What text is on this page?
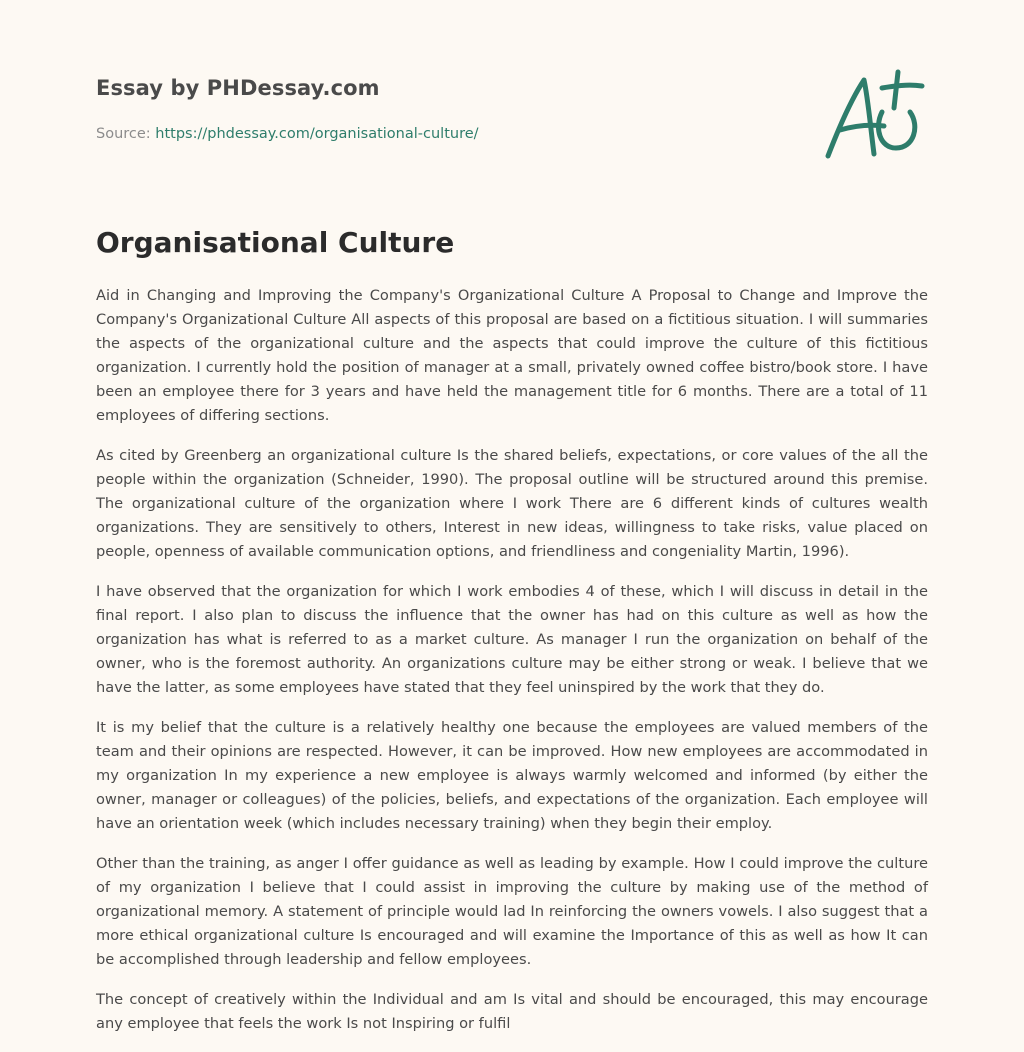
Essay by PHDessay.com
Source: https://phdessay.com/organisational-culture/
Organisational Culture

Aid in Changing and Improving the Company's Organizational Culture A Proposal to Change and Improve the Company's Organizational Culture All aspects of this proposal are based on a fictitious situation. I will summaries the aspects of the organizational culture and the aspects that could improve the culture of this fictitious organization. I currently hold the position of manager at a small, privately owned coffee bistro/book store. I have been an employee there for 3 years and have held the management title for 6 months. There are a total of 11 employees of differing sections.

As cited by Greenberg an organizational culture Is the shared beliefs, expectations, or core values of the all the people within the organization (Schneider, 1990). The proposal outline will be structured around this premise. The organizational culture of the organization where I work There are 6 different kinds of cultures wealth organizations. They are sensitively to others, Interest in new ideas, willingness to take risks, value placed on people, openness of available communication options, and friendliness and congeniality Martin, 1996).

I have observed that the organization for which I work embodies 4 of these, which I will discuss in detail in the final report. I also plan to discuss the influence that the owner has had on this culture as well as how the organization has what is referred to as a market culture. As manager I run the organization on behalf of the owner, who is the foremost authority. An organizations culture may be either strong or weak. I believe that we have the latter, as some employees have stated that they feel uninspired by the work that they do.

It is my belief that the culture is a relatively healthy one because the employees are valued members of the team and their opinions are respected. However, it can be improved. How new employees are accommodated in my organization In my experience a new employee is always warmly welcomed and informed (by either the owner, manager or colleagues) of the policies, beliefs, and expectations of the organization. Each employee will have an orientation week (which includes necessary training) when they begin their employ.

Other than the training, as anger I offer guidance as well as leading by example. How I could improve the culture of my organization I believe that I could assist in improving the culture by making use of the method of organizational memory. A statement of principle would lad In reinforcing the owners vowels. I also suggest that a more ethical organizational culture Is encouraged and will examine the Importance of this as well as how It can be accomplished through leadership and fellow employees.

The concept of creatively within the Individual and am Is vital and should be encouraged, this may encourage any employee that feels the work Is not Inspiring or fulfil
